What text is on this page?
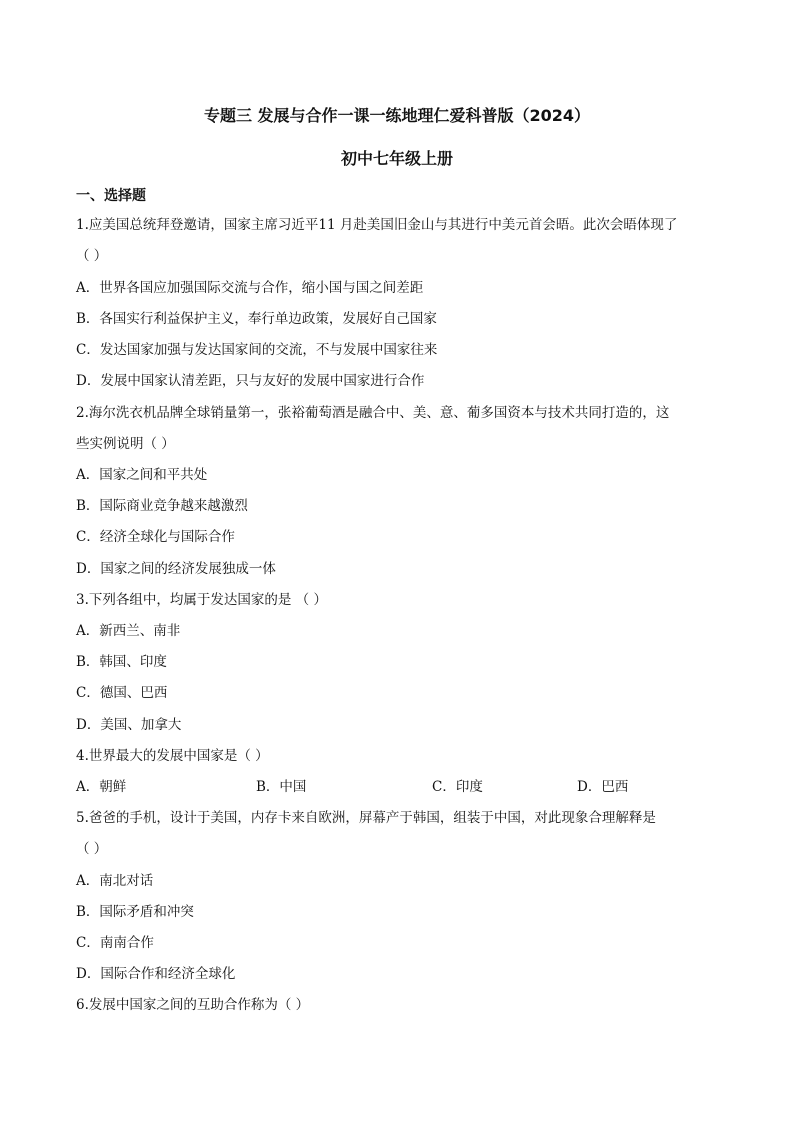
专题三 发展与合作一课一练地理仁爱科普版（2024）
初中七年级上册
一、选择题
1.应美国总统拜登邀请，国家主席习近平11 月赴美国旧金山与其进行中美元首会晤。此次会晤体现了
（ ）
A．世界各国应加强国际交流与合作，缩小国与国之间差距
B．各国实行利益保护主义，奉行单边政策，发展好自己国家
C．发达国家加强与发达国家间的交流，不与发展中国家往来
D．发展中国家认清差距，只与友好的发展中国家进行合作
2.海尔洗衣机品牌全球销量第一，张裕葡萄酒是融合中、美、意、葡多国资本与技术共同打造的，这
些实例说明（ ）
A．国家之间和平共处
B．国际商业竞争越来越激烈
C．经济全球化与国际合作
D．国家之间的经济发展独成一体
3.下列各组中，均属于发达国家的是 （ ）
A．新西兰、南非
B．韩国、印度
C．德国、巴西
D．美国、加拿大
4.世界最大的发展中国家是（ ）
A．朝鲜	B．中国	C．印度	D．巴西
5.爸爸的手机，设计于美国，内存卡来自欧洲，屏幕产于韩国，组装于中国，对此现象合理解释是
（ ）
A．南北对话
B．国际矛盾和冲突
C．南南合作
D．国际合作和经济全球化
6.发展中国家之间的互助合作称为（ ）
